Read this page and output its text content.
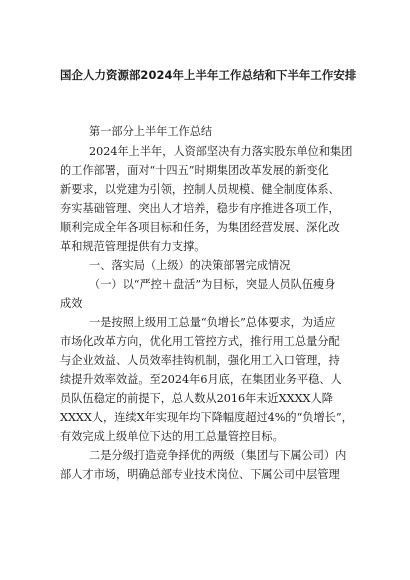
国企人力资源部2024年上半年工作总结和下半年工作安排
第一部分上半年工作总结
2024年上半年，人资部坚决有力落实股东单位和集团
的工作部署，面对“十四五”时期集团改革发展的新变化
新要求，以党建为引领，控制人员规模、健全制度体系、
夯实基础管理、突出人才培养，稳步有序推进各项工作，
顺利完成全年各项目标和任务，为集团经营发展、深化改
革和规范管理提供有力支撑。
一、落实局（上级）的决策部署完成情况
（一）以“严控＋盘活”为目标，突显人员队伍瘦身
成效
一是按照上级用工总量“负增长”总体要求，为适应
市场化改革方向，优化用工管控方式，推行用工总量分配
与企业效益、人员效率挂钩机制，强化用工入口管理，持
续提升效率效益。至2024年6月底，在集团业务平稳、人
员队伍稳定的前提下，总人数从2016年末近XXXX人降
XXXX人，连续X年实现年均下降幅度超过4%的“负增长”，
有效完成上级单位下达的用工总量管控目标。
二是分级打造竞争择优的两级（集团与下属公司）内
部人才市场，明确总部专业技术岗位、下属公司中层管理
